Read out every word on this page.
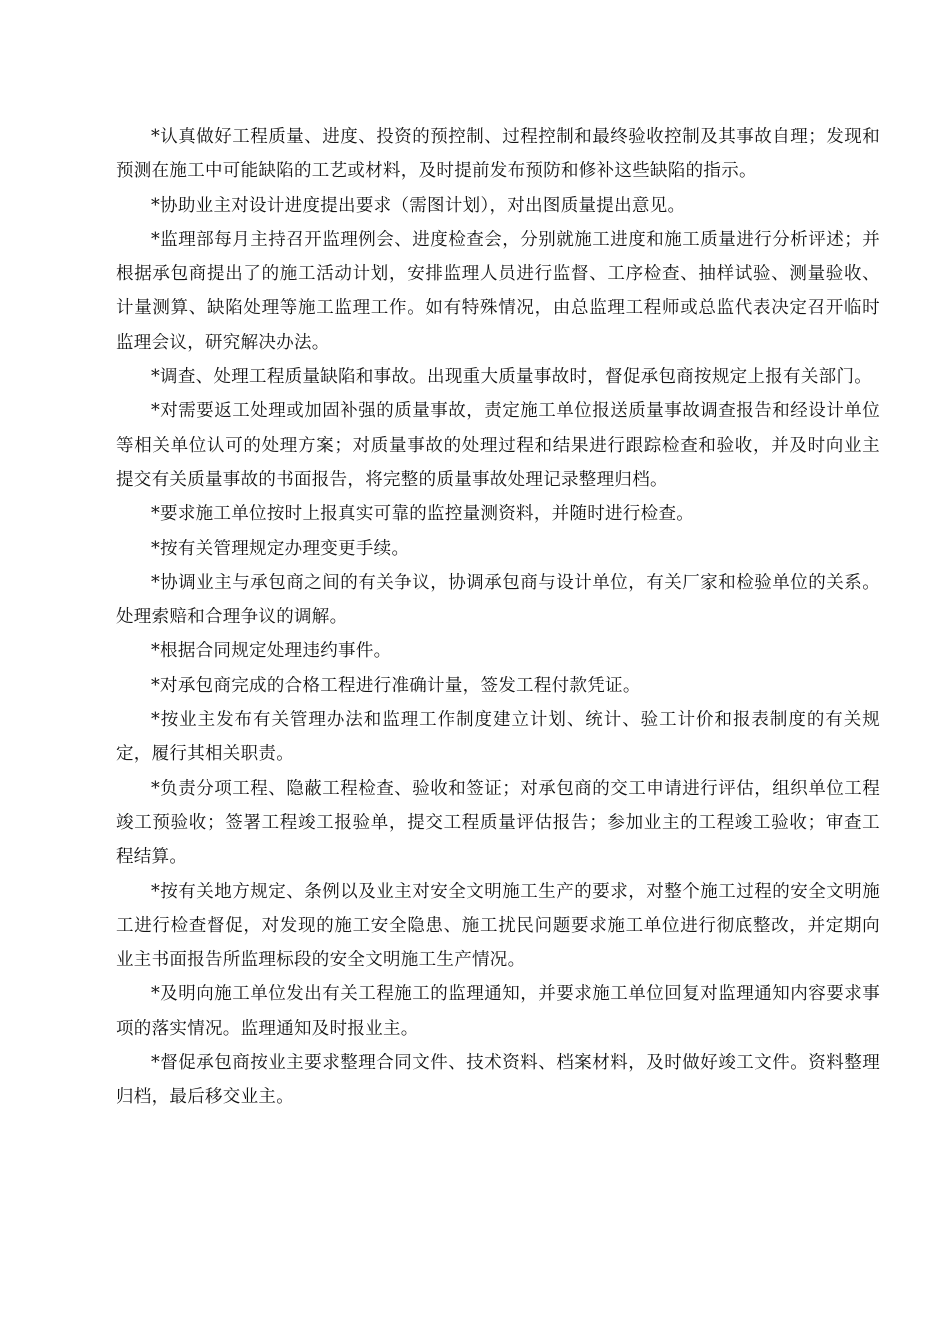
*认真做好工程质量、进度、投资的预控制、过程控制和最终验收控制及其事故自理；发现和预测在施工中可能缺陷的工艺或材料，及时提前发布预防和修补这些缺陷的指示。

*协助业主对设计进度提出要求（需图计划），对出图质量提出意见。

*监理部每月主持召开监理例会、进度检查会，分别就施工进度和施工质量进行分析评述；并根据承包商提出了的施工活动计划，安排监理人员进行监督、工序检查、抽样试验、测量验收、计量测算、缺陷处理等施工监理工作。如有特殊情况，由总监理工程师或总监代表决定召开临时监理会议，研究解决办法。

*调查、处理工程质量缺陷和事故。出现重大质量事故时，督促承包商按规定上报有关部门。

*对需要返工处理或加固补强的质量事故，责定施工单位报送质量事故调查报告和经设计单位等相关单位认可的处理方案；对质量事故的处理过程和结果进行跟踪检查和验收，并及时向业主提交有关质量事故的书面报告，将完整的质量事故处理记录整理归档。

*要求施工单位按时上报真实可靠的监控量测资料，并随时进行检查。

*按有关管理规定办理变更手续。

*协调业主与承包商之间的有关争议，协调承包商与设计单位，有关厂家和检验单位的关系。处理索赔和合理争议的调解。

*根据合同规定处理违约事件。

*对承包商完成的合格工程进行准确计量，签发工程付款凭证。

*按业主发布有关管理办法和监理工作制度建立计划、统计、验工计价和报表制度的有关规定，履行其相关职责。

*负责分项工程、隐蔽工程检查、验收和签证；对承包商的交工申请进行评估，组织单位工程竣工预验收；签署工程竣工报验单，提交工程质量评估报告；参加业主的工程竣工验收；审查工程结算。

*按有关地方规定、条例以及业主对安全文明施工生产的要求，对整个施工过程的安全文明施工进行检查督促，对发现的施工安全隐患、施工扰民问题要求施工单位进行彻底整改，并定期向业主书面报告所监理标段的安全文明施工生产情况。

*及明向施工单位发出有关工程施工的监理通知，并要求施工单位回复对监理通知内容要求事项的落实情况。监理通知及时报业主。

*督促承包商按业主要求整理合同文件、技术资料、档案材料，及时做好竣工文件。资料整理归档，最后移交业主。
